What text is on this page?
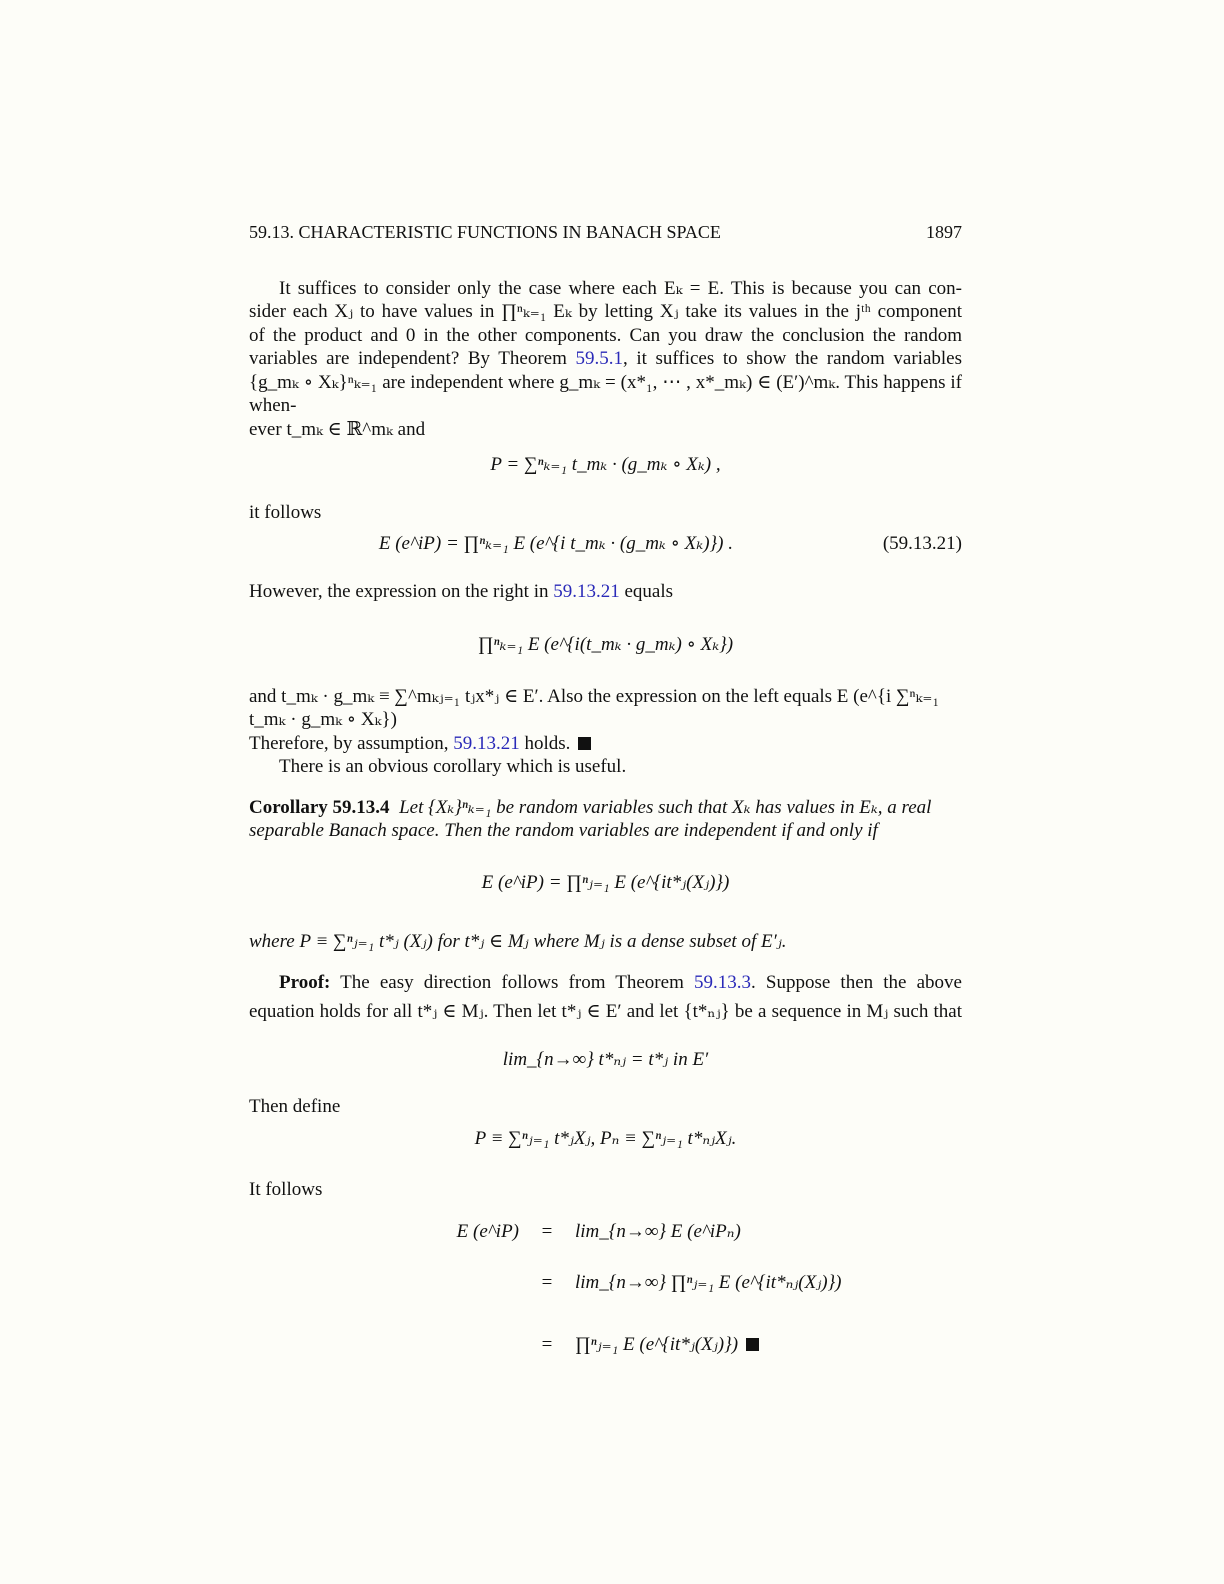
59.13. CHARACTERISTIC FUNCTIONS IN BANACH SPACE	1897
It suffices to consider only the case where each Eₖ = E. This is because you can con-
sider each Xⱼ to have values in ∏ⁿₖ₌₁ Eₖ by letting Xⱼ take its values in the jᵗʰ component
of the product and 0 in the other components. Can you draw the conclusion the random
variables are independent? By Theorem 59.5.1, it suffices to show the random variables
{g_mₖ ∘ Xₖ}ⁿₖ₌₁ are independent where g_mₖ = (x*₁, ⋯ , x*_mₖ) ∈ (E′)^mₖ. This happens if when-
ever t_mₖ ∈ ℝ^mₖ and
P = ∑ⁿₖ₌₁ t_mₖ · (g_mₖ ∘ Xₖ) ,
it follows
E (e^iP) = ∏ⁿₖ₌₁ E (e^{i t_mₖ · (g_mₖ ∘ Xₖ)}) .	(59.13.21)
However, the expression on the right in 59.13.21 equals
∏ⁿₖ₌₁ E (e^{i(t_mₖ · g_mₖ) ∘ Xₖ})
and t_mₖ · g_mₖ ≡ ∑^mₖⱼ₌₁ tⱼx*ⱼ ∈ E′. Also the expression on the left equals E (e^{i ∑ⁿₖ₌₁ t_mₖ · g_mₖ ∘ Xₖ})
Therefore, by assumption, 59.13.21 holds.
There is an obvious corollary which is useful.
Corollary 59.13.4 Let {Xₖ}ⁿₖ₌₁ be random variables such that Xₖ has values in Eₖ, a real
separable Banach space. Then the random variables are independent if and only if
E (e^iP) = ∏ⁿⱼ₌₁ E (e^{it*ⱼ(Xⱼ)})
where P ≡ ∑ⁿⱼ₌₁ t*ⱼ (Xⱼ) for t*ⱼ ∈ Mⱼ where Mⱼ is a dense subset of E′ⱼ.
Proof: The easy direction follows from Theorem 59.13.3. Suppose then the above
equation holds for all t*ⱼ ∈ Mⱼ. Then let t*ⱼ ∈ E′ and let {t*ₙⱼ} be a sequence in Mⱼ such that
lim_{n→∞} t*ₙⱼ = t*ⱼ in E′
Then define
P ≡ ∑ⁿⱼ₌₁ t*ⱼXⱼ, Pₙ ≡ ∑ⁿⱼ₌₁ t*ₙⱼXⱼ.
It follows
E (e^iP)	=	lim_{n→∞} E (e^iPₙ)
=	lim_{n→∞} ∏ⁿⱼ₌₁ E (e^{it*ₙⱼ(Xⱼ)})
=	∏ⁿⱼ₌₁ E (e^{it*ⱼ(Xⱼ)})
